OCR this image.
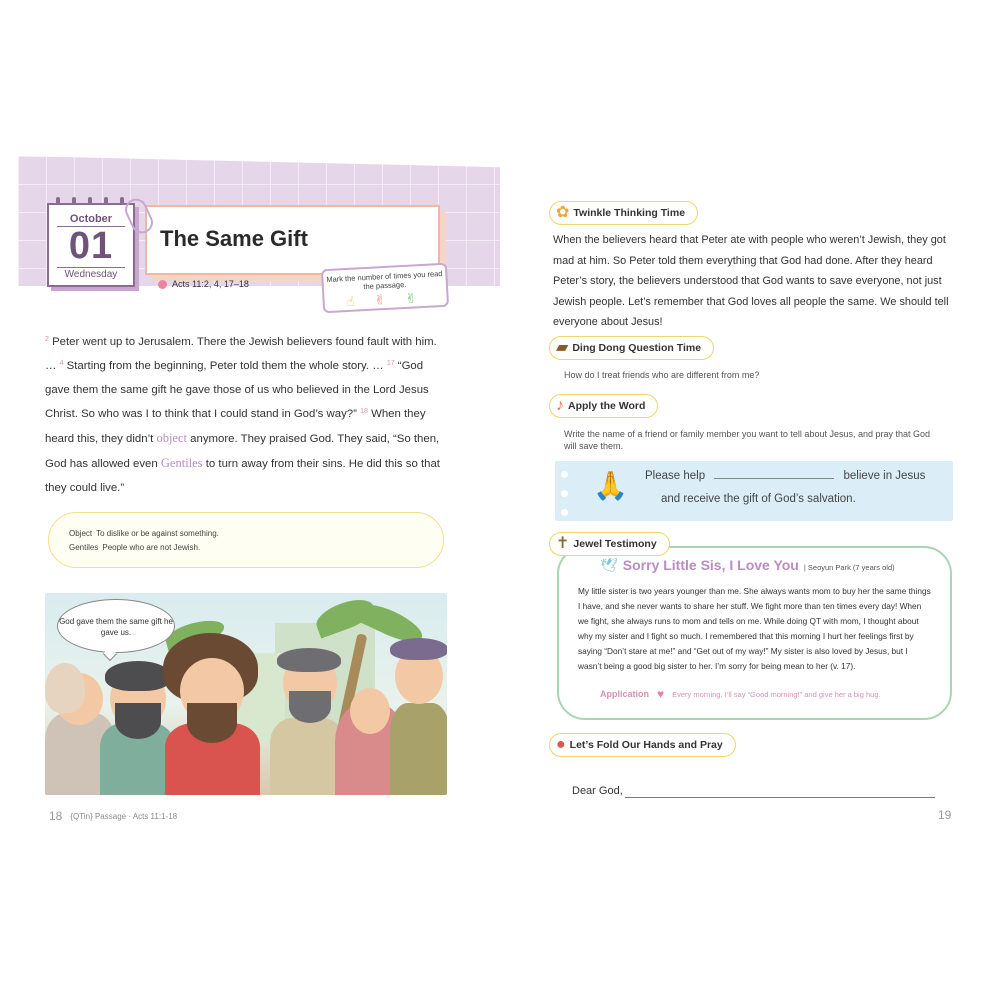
October
01
Wednesday
The Same Gift
Acts 11:2, 4, 17–18	Mark the number of times you read the passage.
☝ ✌ ✌
$^2$ Peter went up to Jerusalem. There the Jewish believers found fault with him. … $^4$ Starting from the beginning, Peter told them the whole story. … $^{17}$ “God gave them the same gift he gave those of us who believed in the Lord Jesus Christ. So who was I to think that I could stand in God’s way?” $^{18}$ When they heard this, they didn’t object anymore. They praised God. They said, “So then, God has allowed even Gentiles to turn away from their sins. He did this so that they could live.”
Object To dislike or be against something.
Gentiles People who are not Jewish.
God gave them the same gift he gave us.
18 {QTin} Passage · Acts 11:1-18	19
✿ Twinkle Thinking Time
When the believers heard that Peter ate with people who weren’t Jewish, they got mad at him. So Peter told them everything that God had done. After they heard Peter’s story, the believers understood that God wants to save everyone, not just Jewish people. Let’s remember that God loves all people the same. We should tell everyone about Jesus!
▰ Ding Dong Question Time
How do I treat friends who are different from me?
♪ Apply the Word
Write the name of a friend or family member you want to tell about Jesus, and pray that God will save them.
🙏 Please help	believe in Jesus
and receive the gift of God’s salvation.
✝ Jewel Testimony
🕊 Sorry Little Sis, I Love You | Seoyun Park (7 years old)
My little sister is two years younger than me. She always wants mom to buy her the same things I have, and she never wants to share her stuff. We fight more than ten times every day! When we fight, she always runs to mom and tells on me. While doing QT with mom, I thought about why my sister and I fight so much. I remembered that this morning I hurt her feelings first by saying “Don’t stare at me!” and “Get out of my way!” My sister is also loved by Jesus, but I wasn’t being a good big sister to her. I’m sorry for being mean to her (v. 17).
Application ♥ Every morning, I’ll say “Good morning!” and give her a big hug.
● Let’s Fold Our Hands and Pray
Dear God,
